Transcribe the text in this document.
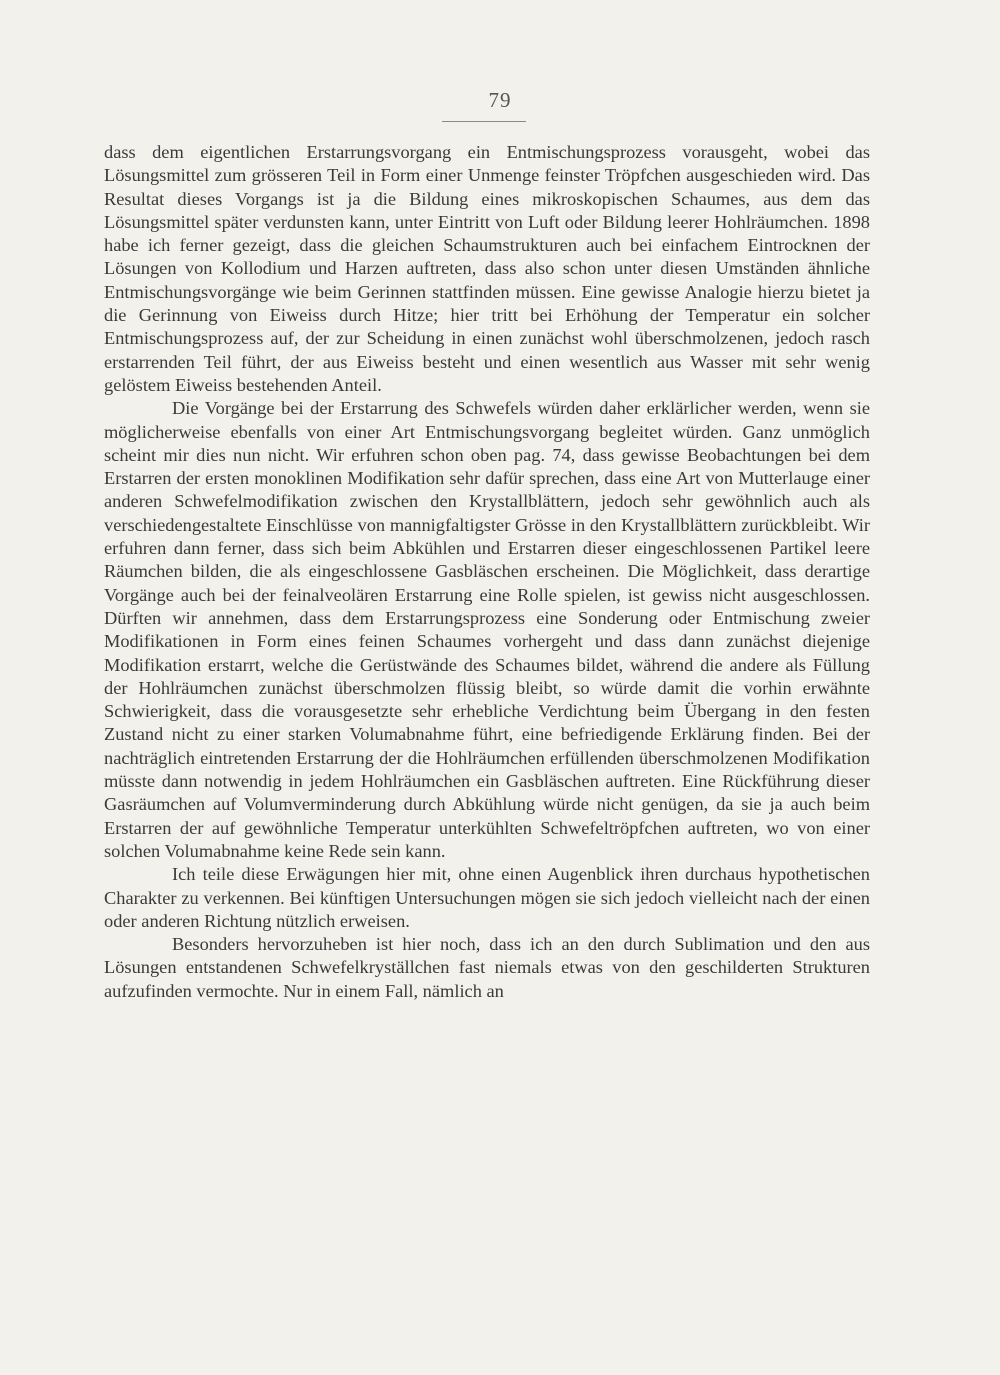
79

dass dem eigentlichen Erstarrungsvorgang ein Entmischungsprozess vorausgeht, wobei das Lösungsmittel zum grösseren Teil in Form einer Unmenge feinster Tröpfchen ausgeschieden wird. Das Resultat dieses Vorgangs ist ja die Bildung eines mikroskopischen Schaumes, aus dem das Lösungsmittel später verdunsten kann, unter Eintritt von Luft oder Bildung leerer Hohlräumchen. 1898 habe ich ferner gezeigt, dass die gleichen Schaumstrukturen auch bei einfachem Eintrocknen der Lösungen von Kollodium und Harzen auftreten, dass also schon unter diesen Umständen ähnliche Entmischungsvorgänge wie beim Gerinnen stattfinden müssen. Eine gewisse Analogie hierzu bietet ja die Gerinnung von Eiweiss durch Hitze; hier tritt bei Erhöhung der Temperatur ein solcher Entmischungsprozess auf, der zur Scheidung in einen zunächst wohl überschmolzenen, jedoch rasch erstarrenden Teil führt, der aus Eiweiss besteht und einen wesentlich aus Wasser mit sehr wenig gelöstem Eiweiss bestehenden Anteil.

Die Vorgänge bei der Erstarrung des Schwefels würden daher erklärlicher werden, wenn sie möglicherweise ebenfalls von einer Art Entmischungsvorgang begleitet würden. Ganz unmöglich scheint mir dies nun nicht. Wir erfuhren schon oben pag. 74, dass gewisse Beobachtungen bei dem Erstarren der ersten monoklinen Modifikation sehr dafür sprechen, dass eine Art von Mutterlauge einer anderen Schwefelmodifikation zwischen den Krystallblättern, jedoch sehr gewöhnlich auch als verschiedengestaltete Einschlüsse von mannigfaltigster Grösse in den Krystallblättern zurückbleibt. Wir erfuhren dann ferner, dass sich beim Abkühlen und Erstarren dieser eingeschlossenen Partikel leere Räumchen bilden, die als eingeschlossene Gasbläschen erscheinen. Die Möglichkeit, dass derartige Vorgänge auch bei der feinalveolären Erstarrung eine Rolle spielen, ist gewiss nicht ausgeschlossen. Dürften wir annehmen, dass dem Erstarrungsprozess eine Sonderung oder Entmischung zweier Modifikationen in Form eines feinen Schaumes vorhergeht und dass dann zunächst diejenige Modifikation erstarrt, welche die Gerüstwände des Schaumes bildet, während die andere als Füllung der Hohlräumchen zunächst überschmolzen flüssig bleibt, so würde damit die vorhin erwähnte Schwierigkeit, dass die vorausgesetzte sehr erhebliche Verdichtung beim Übergang in den festen Zustand nicht zu einer starken Volumabnahme führt, eine befriedigende Erklärung finden. Bei der nachträglich eintretenden Erstarrung der die Hohlräumchen erfüllenden überschmolzenen Modifikation müsste dann notwendig in jedem Hohlräumchen ein Gasbläschen auftreten. Eine Rückführung dieser Gasräumchen auf Volumverminderung durch Abkühlung würde nicht genügen, da sie ja auch beim Erstarren der auf gewöhnliche Temperatur unterkühlten Schwefeltröpfchen auftreten, wo von einer solchen Volumabnahme keine Rede sein kann.

Ich teile diese Erwägungen hier mit, ohne einen Augenblick ihren durchaus hypothetischen Charakter zu verkennen. Bei künftigen Untersuchungen mögen sie sich jedoch vielleicht nach der einen oder anderen Richtung nützlich erweisen.

Besonders hervorzuheben ist hier noch, dass ich an den durch Sublimation und den aus Lösungen entstandenen Schwefelkryställchen fast niemals etwas von den geschilderten Strukturen aufzufinden vermochte. Nur in einem Fall, nämlich an
